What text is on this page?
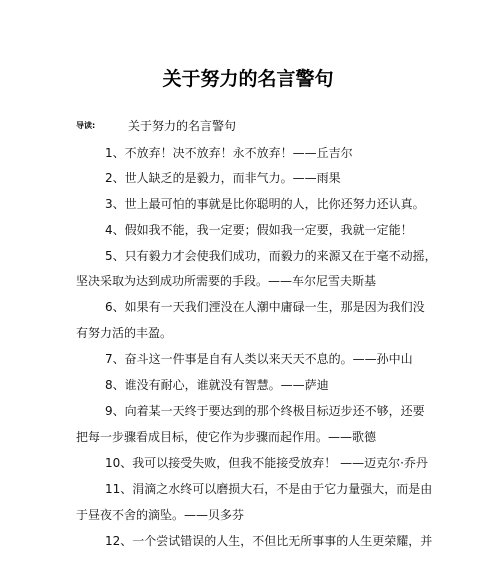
关于努力的名言警句
导读:	关于努力的名言警句
1、不放弃！决不放弃！永不放弃！——丘吉尔
2、世人缺乏的是毅力，而非气力。——雨果
3、世上最可怕的事就是比你聪明的人，比你还努力还认真。
4、假如我不能，我一定要；假如我一定要，我就一定能！
5、只有毅力才会使我们成功，而毅力的来源又在于毫不动摇，
坚决采取为达到成功所需要的手段。——车尔尼雪夫斯基
6、如果有一天我们湮没在人潮中庸碌一生，那是因为我们没
有努力活的丰盈。
7、奋斗这一件事是自有人类以来天天不息的。——孙中山
8、谁没有耐心，谁就没有智慧。——萨迪
9、向着某一天终于要达到的那个终极目标迈步还不够，还要
把每一步骤看成目标，使它作为步骤而起作用。——歌德
10、我可以接受失败，但我不能接受放弃！ ——迈克尔·乔丹
11、涓滴之水终可以磨损大石，不是由于它力量强大，而是由
于昼夜不舍的滴坠。——贝多芬
12、一个尝试错误的人生，不但比无所事事的人生更荣耀，并
